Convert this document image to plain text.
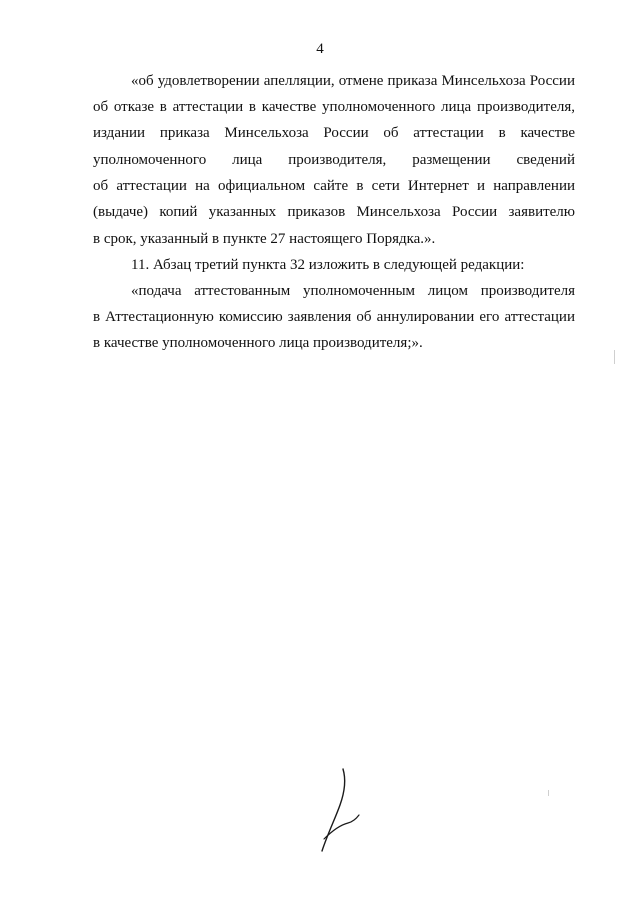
4
«об удовлетворении апелляции, отмене приказа Минсельхоза России
об отказе в аттестации в качестве уполномоченного лица производителя,
издании приказа Минсельхоза России об аттестации в качестве
уполномоченного лица производителя, размещении сведений
об аттестации на официальном сайте в сети Интернет и направлении
(выдаче) копий указанных приказов Минсельхоза России заявителю
в срок, указанный в пункте 27 настоящего Порядка.».
11. Абзац третий пункта 32 изложить в следующей редакции:
«подача аттестованным уполномоченным лицом производителя
в Аттестационную комиссию заявления об аннулировании его аттестации
в качестве уполномоченного лица производителя;».
